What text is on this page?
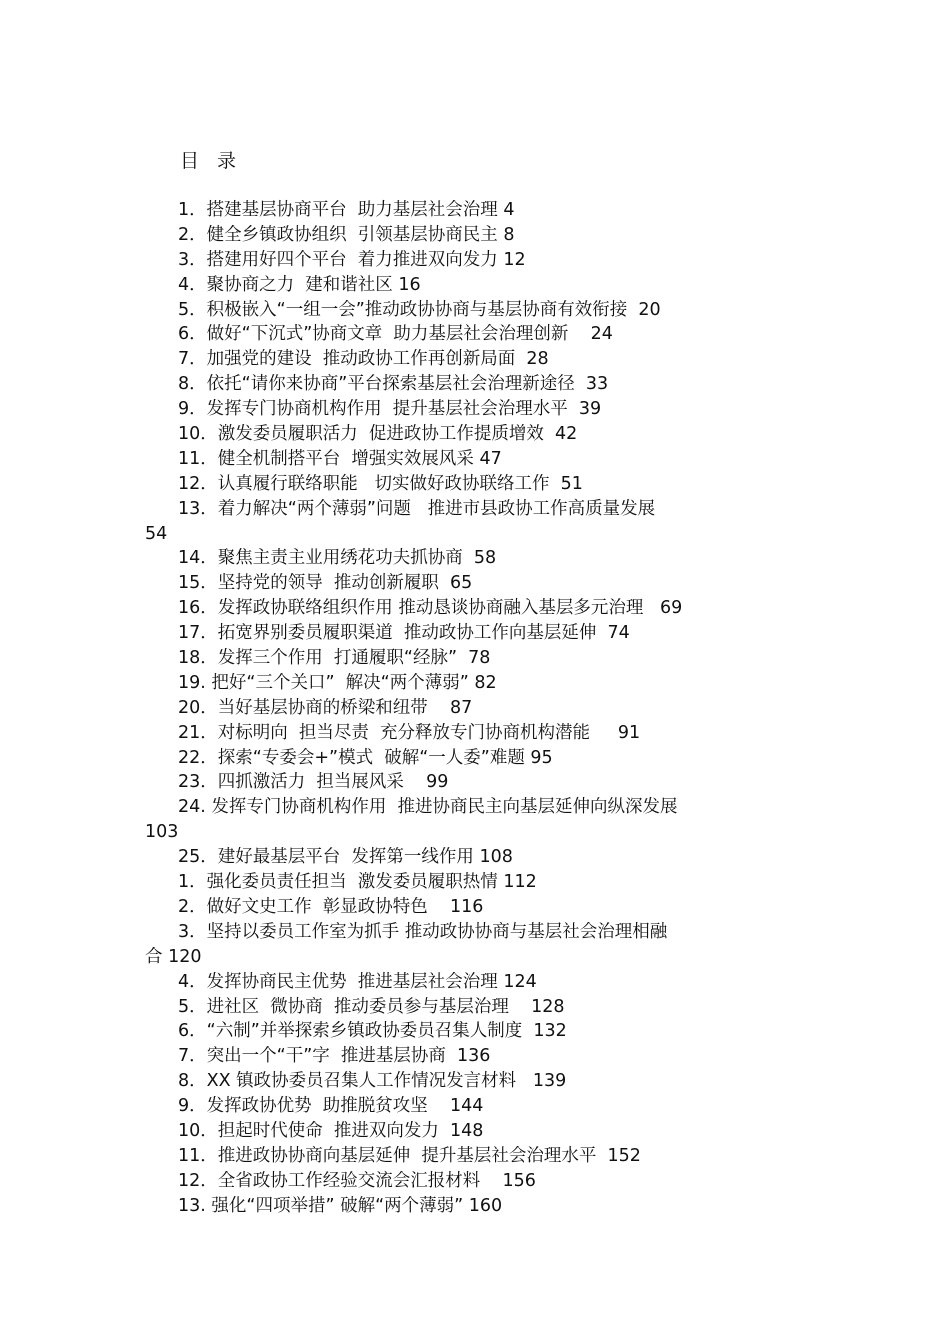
目 录
1．搭建基层协商平台  助力基层社会治理 4
2．健全乡镇政协组织  引领基层协商民主 8
3．搭建用好四个平台  着力推进双向发力 12
4．聚协商之力  建和谐社区 16
5．积极嵌入“一组一会”推动政协协商与基层协商有效衔接  20
6．做好“下沉式”协商文章  助力基层社会治理创新    24
7．加强党的建设  推动政协工作再创新局面  28
8．依托“请你来协商”平台探索基层社会治理新途径  33
9．发挥专门协商机构作用  提升基层社会治理水平  39
10．激发委员履职活力  促进政协工作提质增效  42
11．健全机制搭平台  增强实效展风采 47
12．认真履行联络职能   切实做好政协联络工作  51
13．着力解决“两个薄弱”问题   推进市县政协工作高质量发展
54
14．聚焦主责主业用绣花功夫抓协商  58
15．坚持党的领导  推动创新履职  65
16．发挥政协联络组织作用 推动恳谈协商融入基层多元治理   69
17．拓宽界别委员履职渠道  推动政协工作向基层延伸  74
18．发挥三个作用  打通履职“经脉”  78
19. 把好“三个关口”  解决“两个薄弱” 82
20．当好基层协商的桥梁和纽带    87
21．对标明向  担当尽责  充分释放专门协商机构潜能     91
22．探索“专委会+”模式  破解“一人委”难题 95
23．四抓激活力  担当展风采    99
24. 发挥专门协商机构作用  推进协商民主向基层延伸向纵深发展
103
25．建好最基层平台  发挥第一线作用 108
1．强化委员责任担当  激发委员履职热情 112
2．做好文史工作  彰显政协特色    116
3．坚持以委员工作室为抓手 推动政协协商与基层社会治理相融
合 120
4．发挥协商民主优势  推进基层社会治理 124
5．进社区  微协商  推动委员参与基层治理    128
6．“六制”并举探索乡镇政协委员召集人制度  132
7．突出一个“干”字  推进基层协商  136
8．XX 镇政协委员召集人工作情况发言材料   139
9．发挥政协优势  助推脱贫攻坚    144
10．担起时代使命  推进双向发力  148
11．推进政协协商向基层延伸  提升基层社会治理水平  152
12．全省政协工作经验交流会汇报材料    156
13. 强化“四项举措” 破解“两个薄弱” 160
